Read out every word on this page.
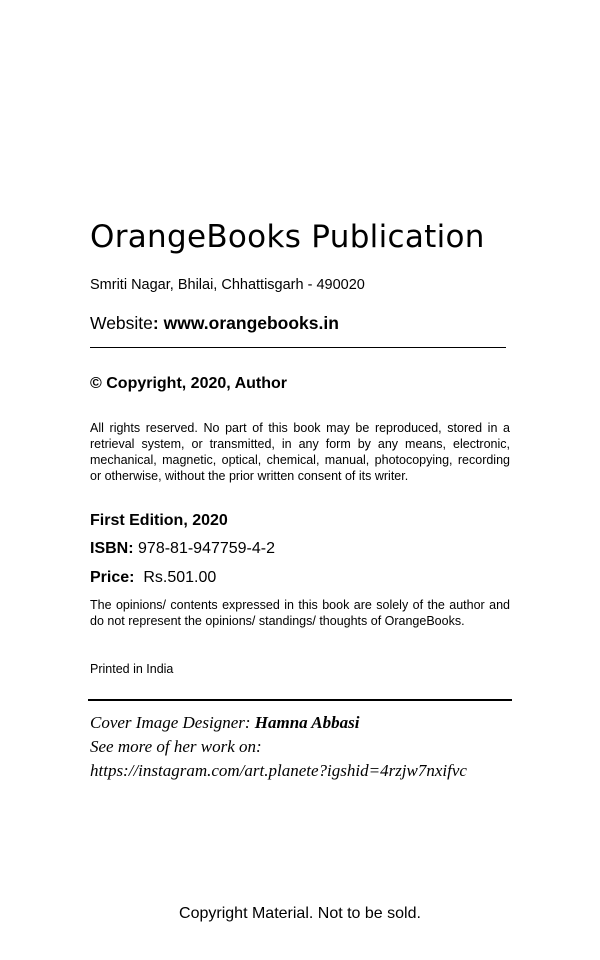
OrangeBooks Publication
Smriti Nagar, Bhilai, Chhattisgarh - 490020
Website: www.orangebooks.in
© Copyright, 2020, Author
All rights reserved. No part of this book may be reproduced, stored in a retrieval system, or transmitted, in any form by any means, electronic, mechanical, magnetic, optical, chemical, manual, photocopying, recording or otherwise, without the prior written consent of its writer.
First Edition, 2020
ISBN: 978-81-947759-4-2
Price: Rs.501.00
The opinions/ contents expressed in this book are solely of the author and do not represent the opinions/ standings/ thoughts of OrangeBooks.
Printed in India
Cover Image Designer: Hamna Abbasi
See more of her work on:
https://instagram.com/art.planete?igshid=4rzjw7nxifvc
Copyright Material. Not to be sold.
